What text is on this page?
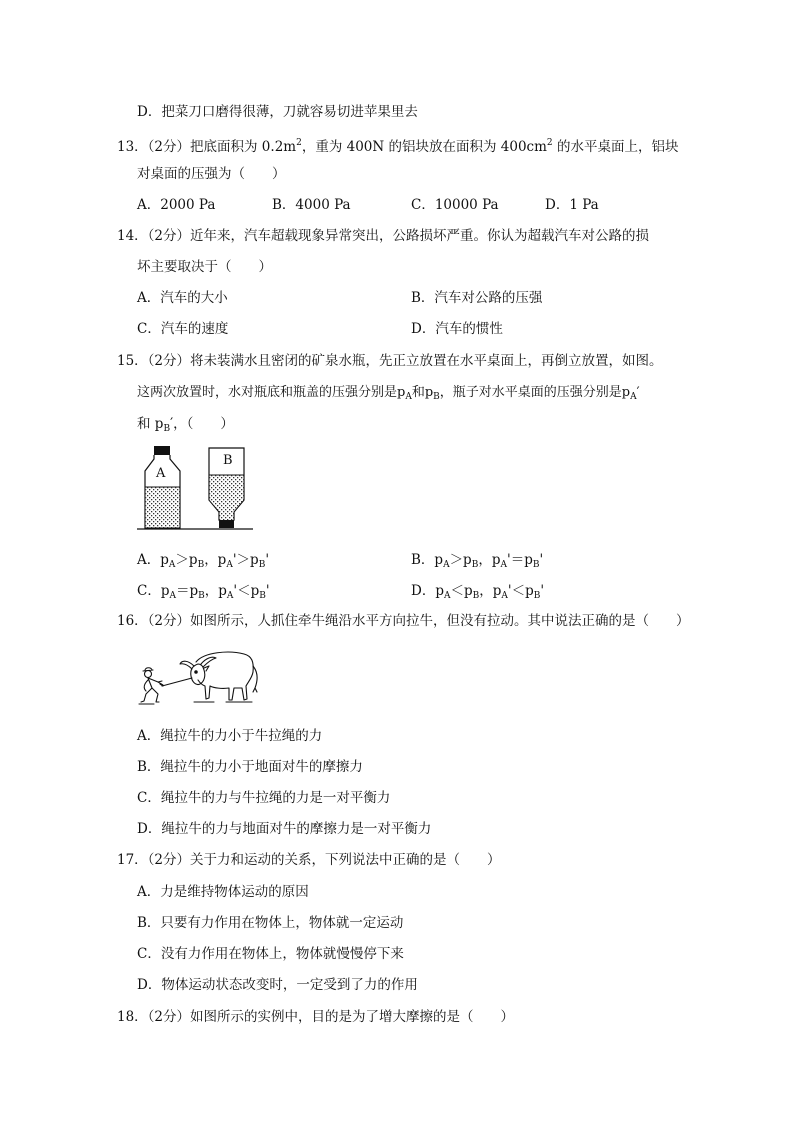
D．把菜刀口磨得很薄，刀就容易切进苹果里去
13．（2分）把底面积为 $0.2m^2$，重为 400N 的铝块放在面积为 $400cm^2$ 的水平桌面上，铝块
对桌面的压强为（　　）
A．2000 Pa	B．4000 Pa	C．10000 Pa	D．1 Pa
14．（2分）近年来，汽车超载现象异常突出，公路损坏严重。你认为超载汽车对公路的损
坏主要取决于（　　）
A．汽车的大小	B．汽车对公路的压强
C．汽车的速度	D．汽车的惯性
15．（2分）将未装满水且密闭的矿泉水瓶，先正立放置在水平桌面上，再倒立放置，如图。
这两次放置时，水对瓶底和瓶盖的压强分别是$p_A$和$p_B$，瓶子对水平桌面的压强分别是$p_A'$
和 $p_B'$，（　　）
A
B
A．$p_A>p_B$，$p_A'>p_B'$	B．$p_A>p_B$，$p_A'=p_B'$
C．$p_A=p_B$，$p_A'<p_B'$	D．$p_A<p_B$，$p_A'<p_B'$
16．（2分）如图所示，人抓住牵牛绳沿水平方向拉牛，但没有拉动。其中说法正确的是（　　）
A．绳拉牛的力小于牛拉绳的力
B．绳拉牛的力小于地面对牛的摩擦力
C．绳拉牛的力与牛拉绳的力是一对平衡力
D．绳拉牛的力与地面对牛的摩擦力是一对平衡力
17．（2分）关于力和运动的关系，下列说法中正确的是（　　）
A．力是维持物体运动的原因
B．只要有力作用在物体上，物体就一定运动
C．没有力作用在物体上，物体就慢慢停下来
D．物体运动状态改变时，一定受到了力的作用
18．（2分）如图所示的实例中，目的是为了增大摩擦的是（　　）
